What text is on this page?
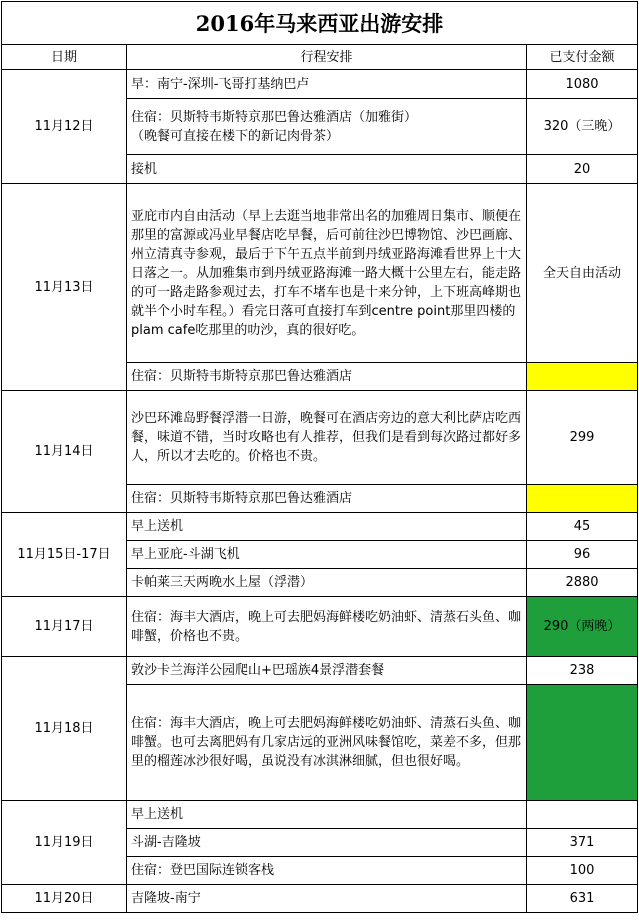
2016年马来西亚出游安排		
日期	行程安排	已支付金额
11月12日	早：南宁-深圳-飞哥打基纳巴卢	1080
	住宿：贝斯特韦斯特京那巴鲁达雅酒店（加雅街）
（晚餐可直接在楼下的新记肉骨茶）	320（三晚）
	接机	20
11月13日	亚庇市内自由活动（早上去逛当地非常出名的加雅周日集市、顺便在那里的富源或冯业早餐店吃早餐，后可前往沙巴博物馆、沙巴画廊、州立清真寺参观，最后于下午五点半前到丹绒亚路海滩看世界上十大日落之一。从加雅集市到丹绒亚路海滩一路大概十公里左右，能走路的可一路走路参观过去，打车不堵车也是十来分钟，上下班高峰期也就半个小时车程。）看完日落可直接打车到centre point那里四楼的plam cafe吃那里的叻沙，真的很好吃。	全天自由活动
	住宿：贝斯特韦斯特京那巴鲁达雅酒店	
11月14日	沙巴环滩岛野餐浮潜一日游，晚餐可在酒店旁边的意大利比萨店吃西餐，味道不错，当时攻略也有人推荐，但我们是看到每次路过都好多人，所以才去吃的。价格也不贵。	299
	住宿：贝斯特韦斯特京那巴鲁达雅酒店	
11月15日-17日	早上送机	45
	早上亚庇-斗湖飞机	96
	卡帕莱三天两晚水上屋（浮潜）	2880
11月17日	住宿：海丰大酒店，晚上可去肥妈海鲜楼吃奶油虾、清蒸石头鱼、咖啡蟹，价格也不贵。	290（两晚）
11月18日	敦沙卡兰海洋公园爬山+巴瑶族4景浮潜套餐	238
	住宿：海丰大酒店，晚上可去肥妈海鲜楼吃奶油虾、清蒸石头鱼、咖啡蟹。也可去离肥妈有几家店远的亚洲风味餐馆吃，菜差不多，但那里的榴莲冰沙很好喝，虽说没有冰淇淋细腻，但也很好喝。	
11月19日	早上送机	
	斗湖-吉隆坡	371
	住宿：登巴国际连锁客栈	100
11月20日	吉隆坡-南宁	631
